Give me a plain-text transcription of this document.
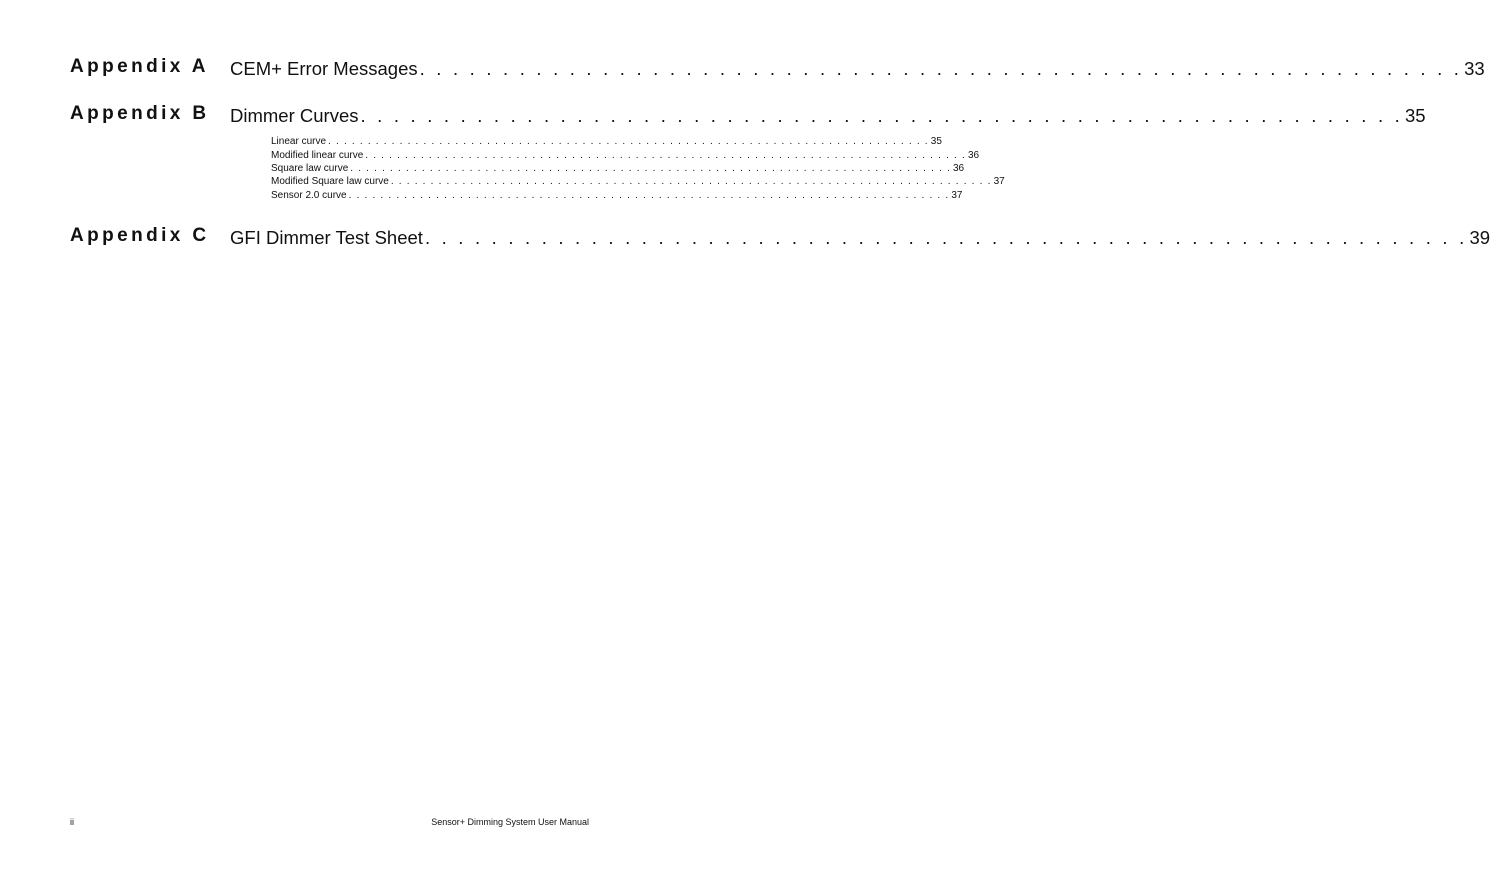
Appendix A	CEM+ Error Messages . . . . . . . . . . . . . . . . . . . . . . . . . . . . . . . . . . . . . . . . . . . . . . . . . . . . . . . . . . . . . . . 33
Appendix B	Dimmer Curves . . . . . . . . . . . . . . . . . . . . . . . . . . . . . . . . . . . . . . . . . . . . . . . . . . . . . . . . . . . . . . . 35
Linear curve . . . . . . . . . . . . . . . . . . . . . . . . . . . . . . . . . . . . . . . . . . . . . . . . . . . . . . . . . . . . . . . . . . . . . . . . . . . . 35
Modified linear curve . . . . . . . . . . . . . . . . . . . . . . . . . . . . . . . . . . . . . . . . . . . . . . . . . . . . . . . . . . . . . . . . . . . . . . . . . . . . 36
Square law curve . . . . . . . . . . . . . . . . . . . . . . . . . . . . . . . . . . . . . . . . . . . . . . . . . . . . . . . . . . . . . . . . . . . . . . . . . . . . 36
Modified Square law curve . . . . . . . . . . . . . . . . . . . . . . . . . . . . . . . . . . . . . . . . . . . . . . . . . . . . . . . . . . . . . . . . . . . . . . . . . . . . 37
Sensor 2.0 curve . . . . . . . . . . . . . . . . . . . . . . . . . . . . . . . . . . . . . . . . . . . . . . . . . . . . . . . . . . . . . . . . . . . . . . . . . . . . 37
Appendix C	GFI Dimmer Test Sheet . . . . . . . . . . . . . . . . . . . . . . . . . . . . . . . . . . . . . . . . . . . . . . . . . . . . . . . . . . . . . . . 39
ii	Sensor+ Dimming System User Manual
